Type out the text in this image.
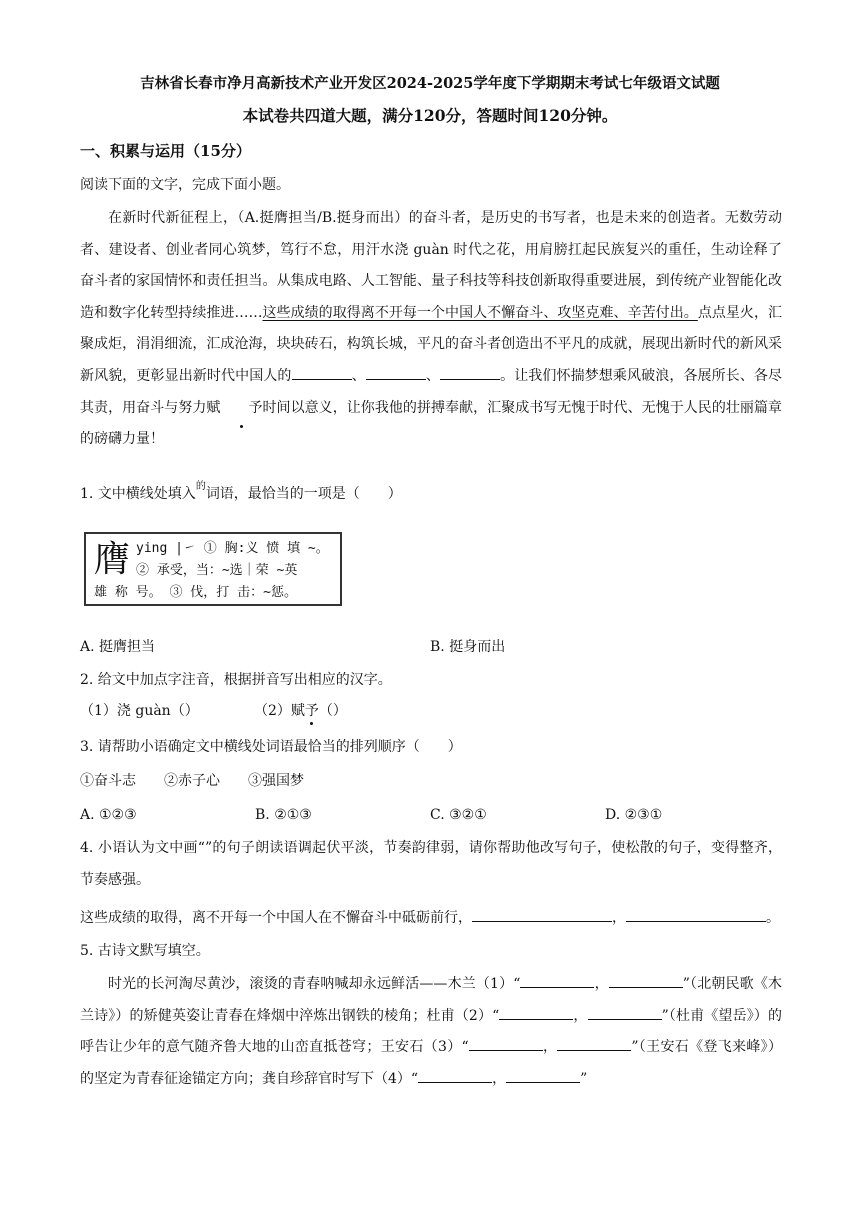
吉林省长春市净月高新技术产业开发区2024-2025学年度下学期期末考试七年级语文试题
本试卷共四道大题，满分120分，答题时间120分钟。
一、积累与运用（15分）
阅读下面的文字，完成下面小题。
在新时代新征程上，（A.挺膺担当/B.挺身而出）的奋斗者，是历史的书写者，也是未来的创造者。无数劳动者、建设者、创业者同心筑梦，笃行不怠，用汗水浇 guàn 时代之花，用肩膀扛起民族复兴的重任，生动诠释了奋斗者的家国情怀和责任担当。从集成电路、人工智能、量子科技等科技创新取得重要进展，到传统产业智能化改造和数字化转型持续推进……这些成绩的取得离不开每一个中国人不懈奋斗、攻坚克难、辛苦付出。点点星火，汇聚成炬，涓涓细流，汇成沧海，块块砖石，构筑长城，平凡的奋斗者创造出不平凡的成就，展现出新时代的新风采新风貌，更彰显出新时代中国人的	、	、	。让我们怀揣梦想乘风破浪，各展所长、各尽其责，用奋斗与努力赋 予时间以意义，让你我他的拼搏奉献，汇聚成书写无愧于时代、无愧于人民的壮丽篇章的磅礴力量！
1. 文中横线处填入$^的$词语，最恰当的一项是（　　）
膺 ying |㇀ ① 胸:义 愤 填 ~。
② 承受，当：~选｜荣 ~英
雄 称 号。 ③ 伐，打 击：~惩。
A. 挺膺担当	B. 挺身而出
2. 给文中加点字注音，根据拼音写出相应的汉字。
（1）浇 guàn（）	（2）赋予（）
3. 请帮助小语确定文中横线处词语最恰当的排列顺序（　　）
①奋斗志　　②赤子心　　③强国梦
A. ①②③	B. ②①③	C. ③②①	D. ②③①
4. 小语认为文中画“”的句子朗读语调起伏平淡，节奏韵律弱，请你帮助他改写句子，使松散的句子，变得整齐，节奏感强。
这些成绩的取得，离不开每一个中国人在不懈奋斗中砥砺前行，	，	。
5. 古诗文默写填空。
时光的长河淘尽黄沙，滚烫的青春呐喊却永远鲜活——木兰（1）“	，	”（北朝民歌《木兰诗》）的矫健英姿让青春在烽烟中淬炼出钢铁的棱角；杜甫（2）“	，	”（杜甫《望岳》）的呼告让少年的意气随齐鲁大地的山峦直抵苍穹；王安石（3）“	，	”（王安石《登飞来峰》）的坚定为青春征途锚定方向；龚自珍辞官时写下（4）“	，	”
